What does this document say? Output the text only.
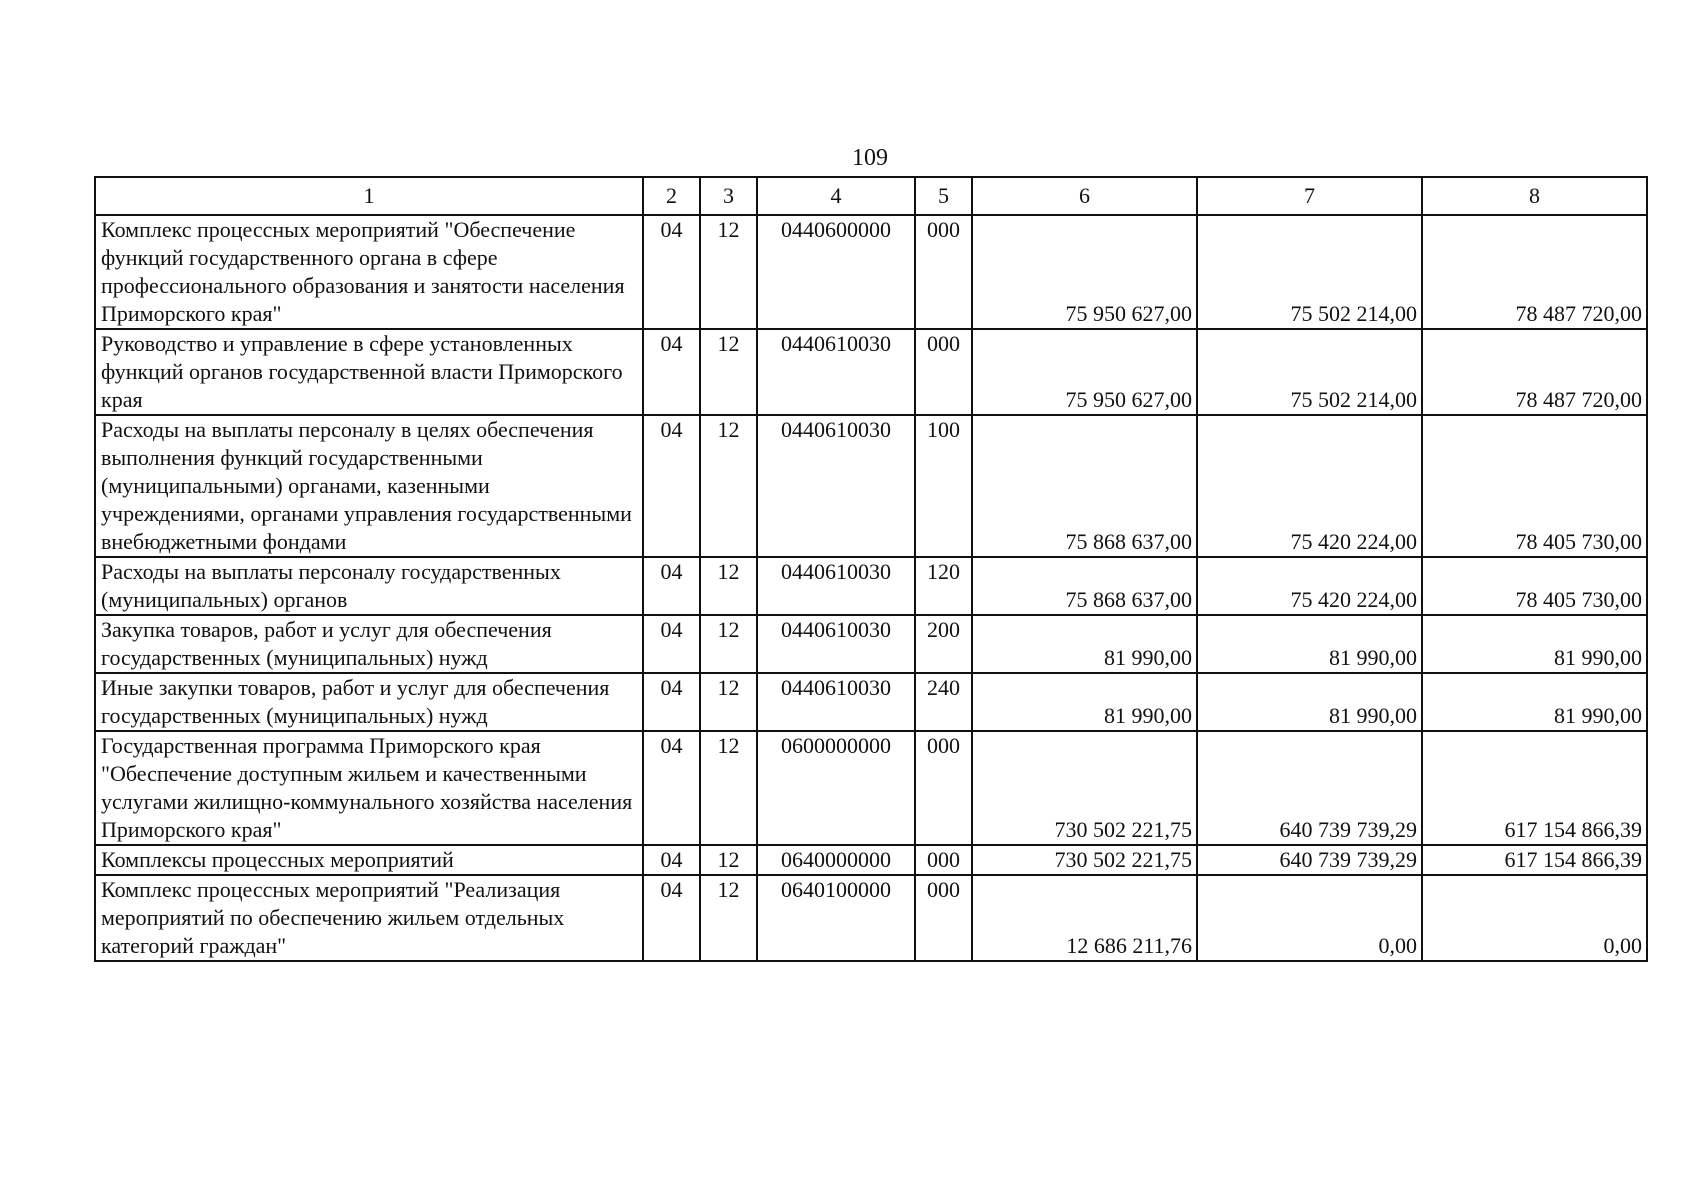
109
1	2	3	4	5	6	7	8
Комплекс процессных мероприятий "Обеспечение функций государственного органа в сфере профессионального образования и занятости населения Приморского края"	04	12	0440600000	000	75 950 627,00	75 502 214,00	78 487 720,00
Руководство и управление в сфере установленных функций органов государственной власти Приморского края	04	12	0440610030	000	75 950 627,00	75 502 214,00	78 487 720,00
Расходы на выплаты персоналу в целях обеспечения выполнения функций государственными (муниципальными) органами, казенными учреждениями, органами управления государственными внебюджетными фондами	04	12	0440610030	100	75 868 637,00	75 420 224,00	78 405 730,00
Расходы на выплаты персоналу государственных (муниципальных) органов	04	12	0440610030	120	75 868 637,00	75 420 224,00	78 405 730,00
Закупка товаров, работ и услуг для обеспечения государственных (муниципальных) нужд	04	12	0440610030	200	81 990,00	81 990,00	81 990,00
Иные закупки товаров, работ и услуг для обеспечения государственных (муниципальных) нужд	04	12	0440610030	240	81 990,00	81 990,00	81 990,00
Государственная программа Приморского края "Обеспечение доступным жильем и качественными услугами жилищно-коммунального хозяйства населения Приморского края"	04	12	0600000000	000	730 502 221,75	640 739 739,29	617 154 866,39
Комплексы процессных мероприятий	04	12	0640000000	000	730 502 221,75	640 739 739,29	617 154 866,39
Комплекс процессных мероприятий "Реализация мероприятий по обеспечению жильем отдельных категорий граждан"	04	12	0640100000	000	12 686 211,76	0,00	0,00
